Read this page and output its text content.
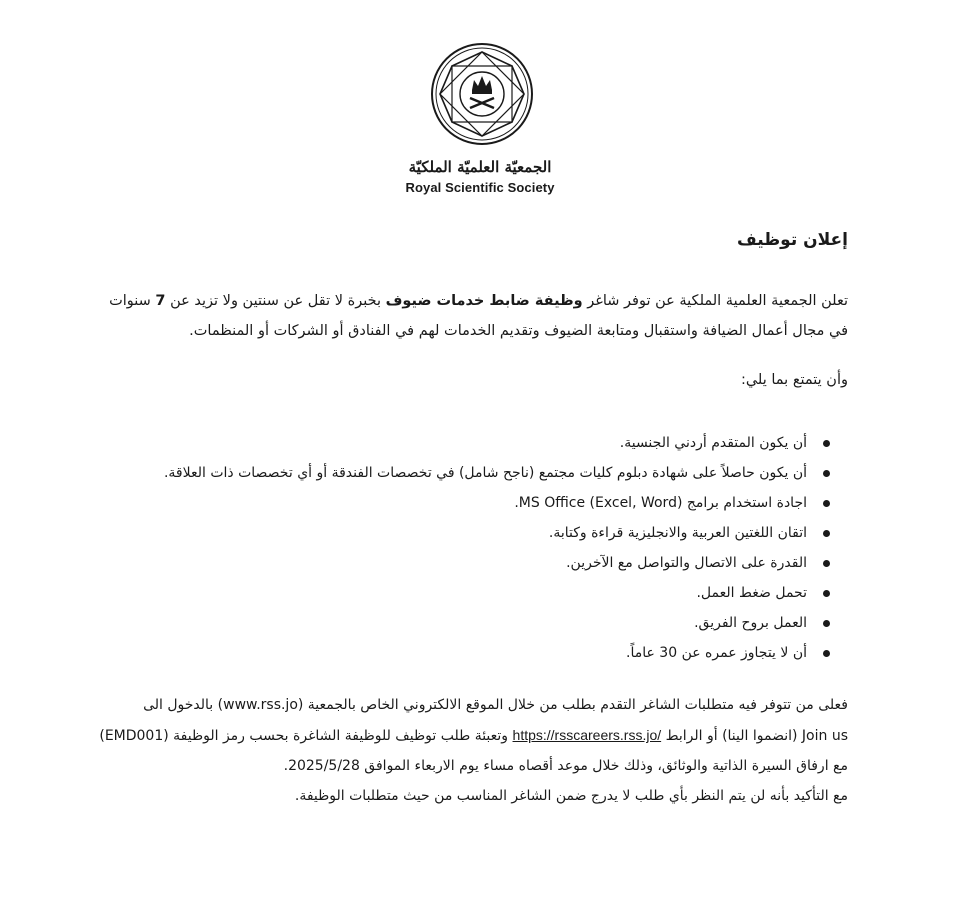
الجمعيّة العلميّة الملكيّة
Royal Scientific Society
إعلان توظيف
تعلن الجمعية العلمية الملكية عن توفر شاغر وظيفة ضابط خدمات ضيوف بخبرة لا تقل عن سنتين ولا تزيد عن 7 سنوات في مجال أعمال الضيافة واستقبال ومتابعة الضيوف وتقديم الخدمات لهم في الفنادق أو الشركات أو المنظمات.
وأن يتمتع بما يلي:
أن يكون المتقدم أردني الجنسية.
أن يكون حاصلاً على شهادة دبلوم كليات مجتمع (ناجح شامل) في تخصصات الفندقة أو أي تخصصات ذات العلاقة.
اجادة استخدام برامج (Excel, Word) MS Office.
اتقان اللغتين العربية والانجليزية قراءة وكتابة.
القدرة على الاتصال والتواصل مع الآخرين.
تحمل ضغط العمل.
العمل بروح الفريق.
أن لا يتجاوز عمره عن 30 عاماً.

فعلى من تتوفر فيه متطلبات الشاغر التقدم بطلب من خلال الموقع الالكتروني الخاص بالجمعية (www.rss.jo) بالدخول الى

Join us (انضموا الينا) أو الرابط https://rsscareers.rss.jo/ وتعبئة طلب توظيف للوظيفة الشاغرة بحسب رمز الوظيفة (EMD001)

مع ارفاق السيرة الذاتية والوثائق، وذلك خلال موعد أقصاه مساء يوم الاربعاء الموافق 2025/5/28.

مع التأكيد بأنه لن يتم النظر بأي طلب لا يدرج ضمن الشاغر المناسب من حيث متطلبات الوظيفة.
